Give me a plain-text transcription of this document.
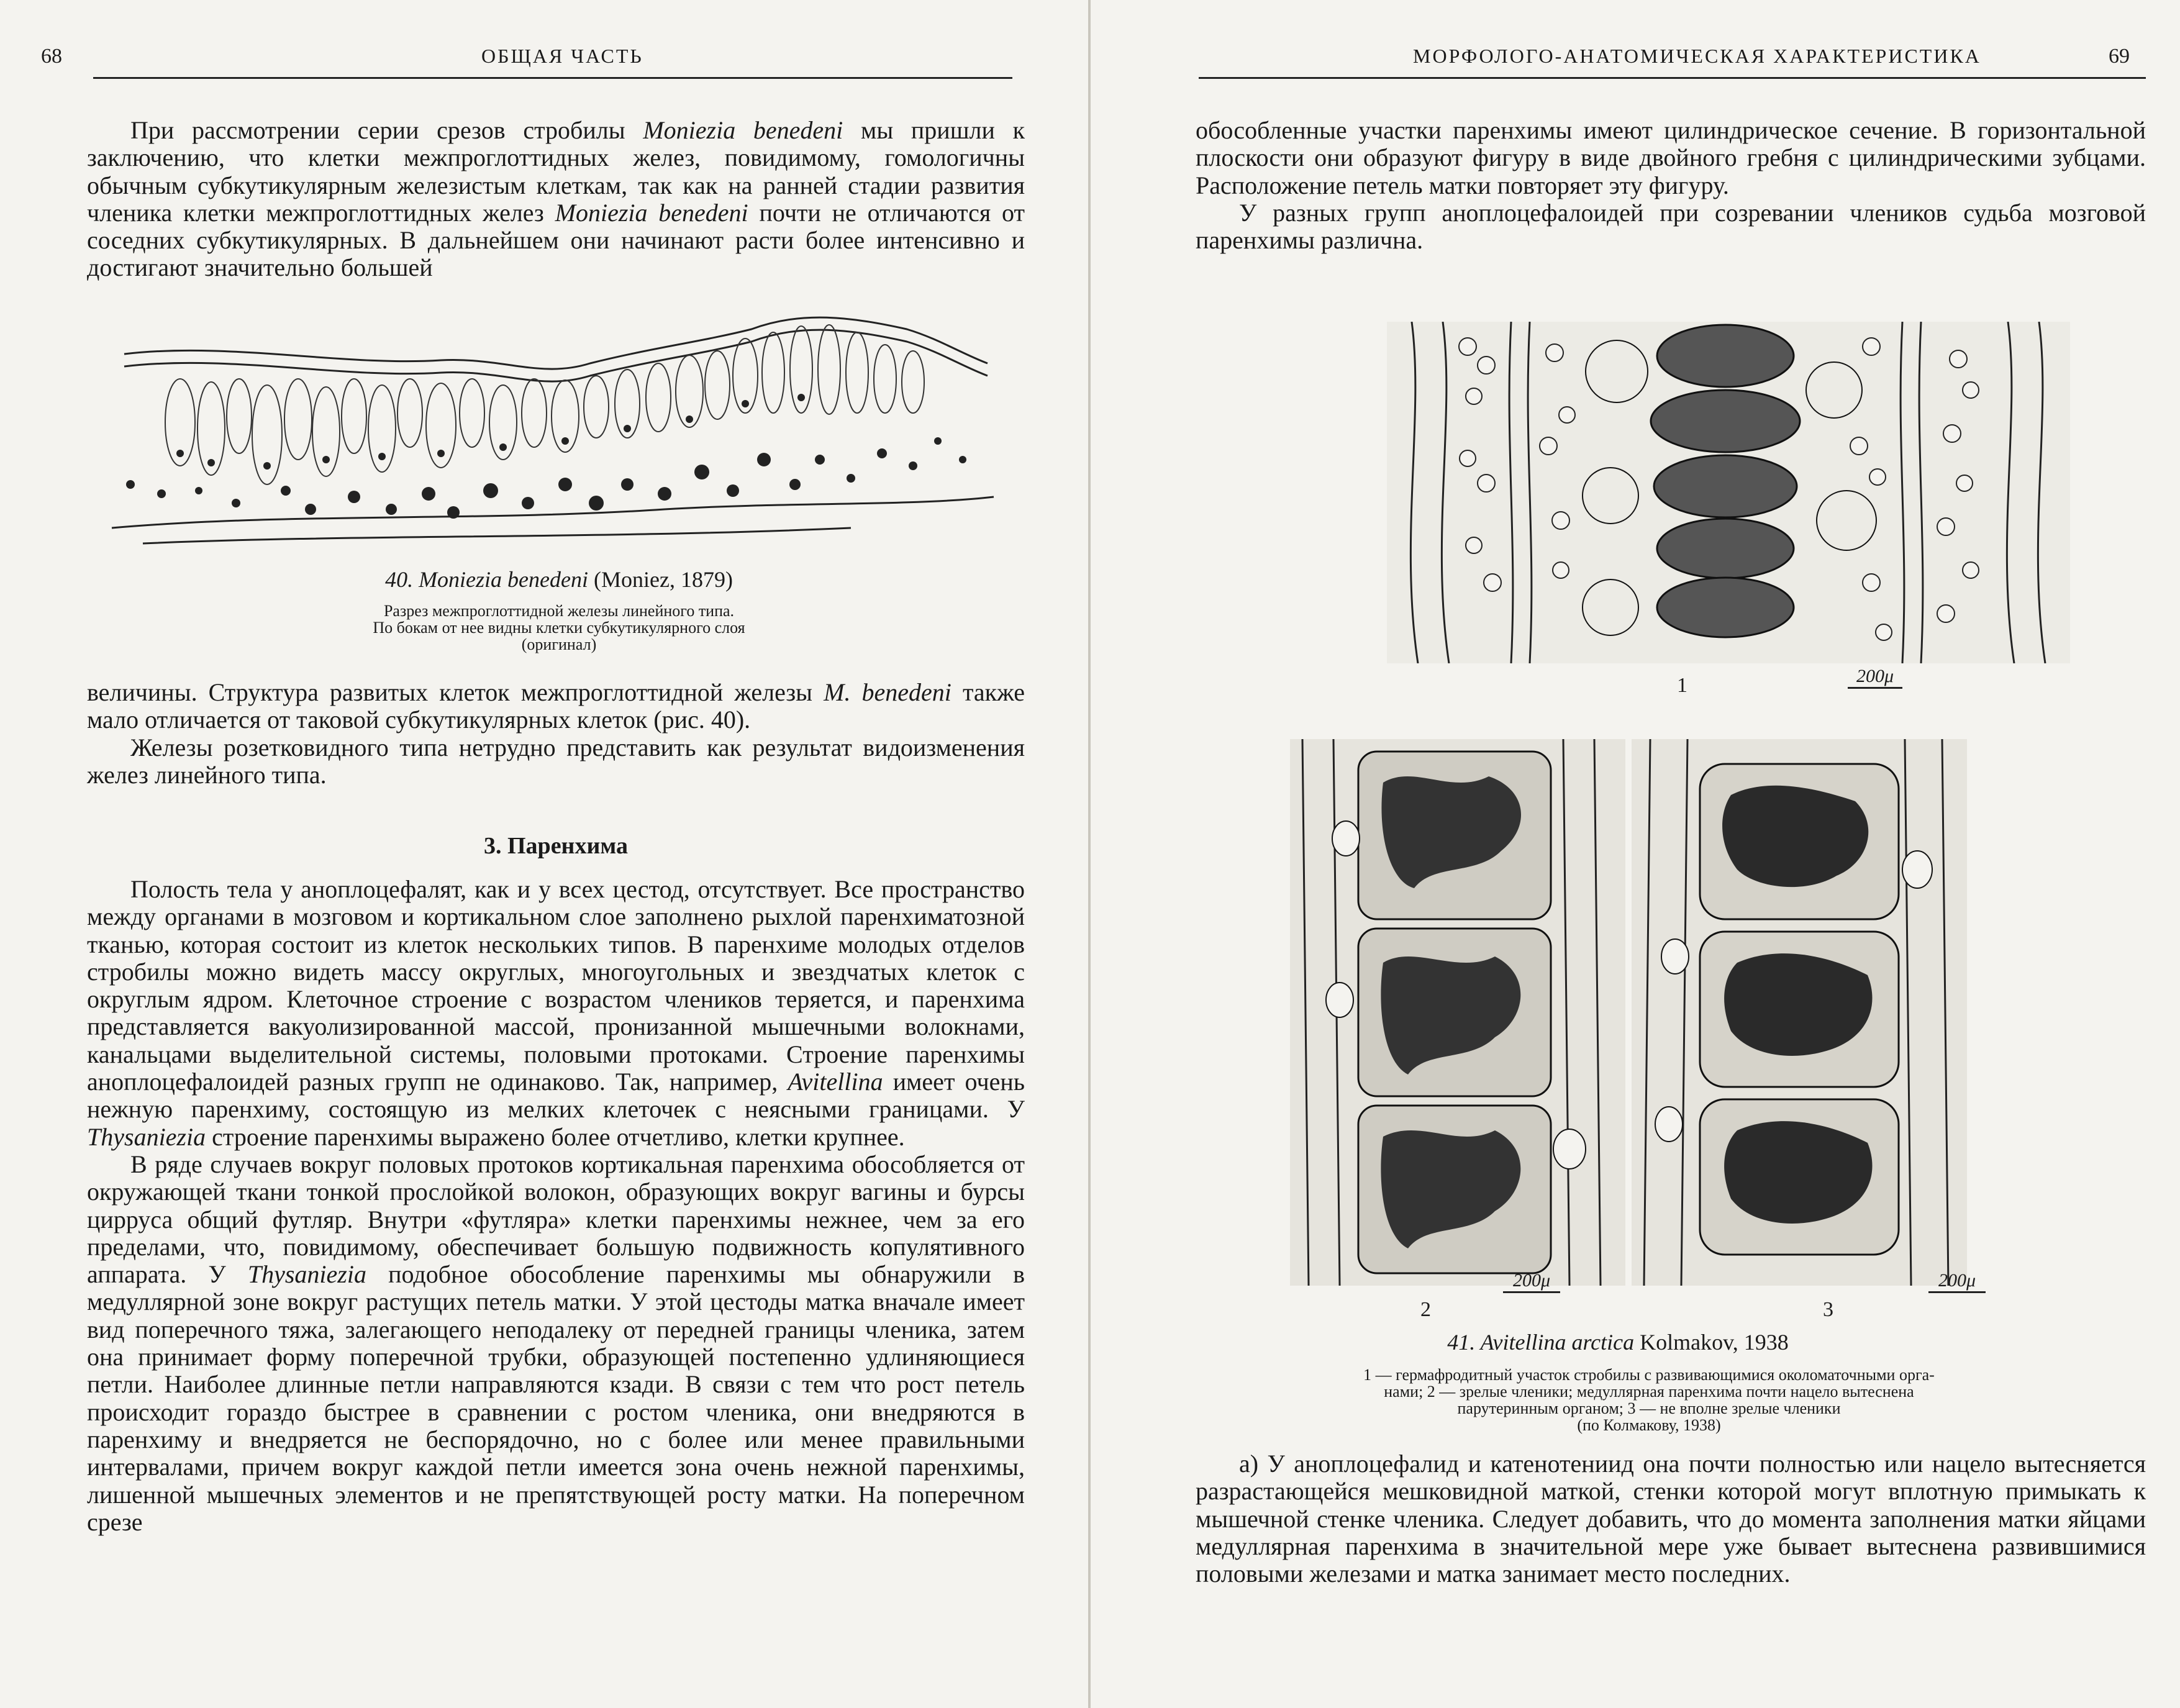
68	ОБЩАЯ ЧАСТЬ

При рассмотрении серии срезов стробилы Moniezia benedeni мы пришли к заключению, что клетки межпроглоттидных желез, повидимому, гомологичны обычным субкутикулярным железистым клеткам, так как на ранней стадии развития членика клетки межпроглоттидных желез Moniezia benedeni почти не отличаются от соседних субкутикулярных. В дальнейшем они начинают расти более интенсивно и достигают значительно большей

40. Moniezia benedeni (Moniez, 1879)
Разрез межпроглоттидной железы линейного типа.
По бокам от нее видны клетки субкутикулярного слоя
(оригинал)

величины. Структура развитых клеток межпроглоттидной железы M. benedeni также мало отличается от таковой субкутикулярных клеток (рис. 40).

Железы розетковидного типа нетрудно представить как результат видоизменения желез линейного типа.

3. Паренхима

Полость тела у аноплоцефалят, как и у всех цестод, отсутствует. Все пространство между органами в мозговом и кортикальном слое заполнено рыхлой паренхиматозной тканью, которая состоит из клеток нескольких типов. В паренхиме молодых отделов стробилы можно видеть массу округлых, многоугольных и звездчатых клеток с округлым ядром. Клеточное строение с возрастом члеников теряется, и паренхима представляется вакуолизированной массой, пронизанной мышечными волокнами, канальцами выделительной системы, половыми протоками. Строение паренхимы аноплоцефалоидей разных групп не одинаково. Так, например, Avitellina имеет очень нежную паренхиму, состоящую из мелких клеточек с неясными границами. У Thysaniezia строение паренхимы выражено более отчетливо, клетки крупнее.

В ряде случаев вокруг половых протоков кортикальная паренхима обособляется от окружающей ткани тонкой прослойкой волокон, образующих вокруг вагины и бурсы цирруса общий футляр. Внутри «футляра» клетки паренхимы нежнее, чем за его пределами, что, повидимому, обеспечивает большую подвижность копулятивного аппарата. У Thysaniezia подобное обособление паренхимы мы обнаружили в медуллярной зоне вокруг растущих петель матки. У этой цестоды матка вначале имеет вид поперечного тяжа, залегающего неподалеку от передней границы членика, затем она принимает форму поперечной трубки, образующей постепенно удлиняющиеся петли. Наиболее длинные петли направляются кзади. В связи с тем что рост петель происходит гораздо быстрее в сравнении с ростом членика, они внедряются в паренхиму и внедряется не беспорядочно, но с более или менее правильными интервалами, причем вокруг каждой петли имеется зона очень нежной паренхимы, лишенной мышечных элементов и не препятствующей росту матки. На поперечном срезе

МОРФОЛОГО-АНАТОМИЧЕСКАЯ ХАРАКТЕРИСТИКА	69

обособленные участки паренхимы имеют цилиндрическое сечение. В горизонтальной плоскости они образуют фигуру в виде двойного гребня с цилиндрическими зубцами. Расположение петель матки повторяет эту фигуру.

У разных групп аноплоцефалоидей при созревании члеников судьба мозговой паренхимы различна.

1	200μ
2
200μ
3
200μ
41. Avitellina arctica Kolmakov, 1938
1 — гермафродитный участок стробилы с развивающимися околоматочными орга-
нами; 2 — зрелые членики; медуллярная паренхима почти нацело вытеснена
парутеринным органом; 3 — не вполне зрелые членики
(по Колмакову, 1938)

а) У аноплоцефалид и катенотениид она почти полностью или нацело вытесняется разрастающейся мешковидной маткой, стенки которой могут вплотную примыкать к мышечной стенке членика. Следует добавить, что до момента заполнения матки яйцами медуллярная паренхима в значительной мере уже бывает вытеснена развившимися половыми железами и матка занимает место последних.
